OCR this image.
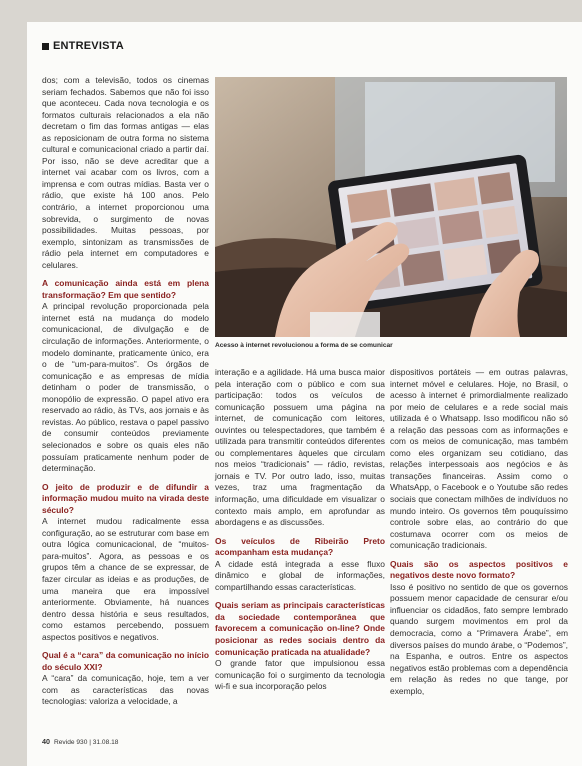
ENTREVISTA

dos; com a televisão, todos os cinemas seriam fechados. Sabemos que não foi isso que aconteceu. Cada nova tecnologia e os formatos culturais relacionados a ela não decretam o fim das formas antigas — elas as reposicionam de outra forma no sistema cultural e comunicacional criado a partir daí. Por isso, não se deve acreditar que a internet vai acabar com os livros, com a imprensa e com outras mídias. Basta ver o rádio, que existe há 100 anos. Pelo contrário, a internet proporcionou uma sobrevida, o surgimento de novas possibilidades. Muitas pessoas, por exemplo, sintonizam as transmissões de rádio pela internet em computadores e celulares.

A comunicação ainda está em plena transformação? Em que sentido?

A principal revolução proporcionada pela internet está na mudança do modelo comunicacional, de divulgação e de circulação de informações. Anteriormente, o modelo dominante, praticamente único, era o de “um-para-muitos”. Os órgãos de comunicação e as empresas de mídia detinham o poder de transmissão, o monopólio de expressão. O papel ativo era reservado ao rádio, às TVs, aos jornais e às revistas. Ao público, restava o papel passivo de consumir conteúdos previamente selecionados e sobre os quais eles não possuíam praticamente nenhum poder de determinação.

O jeito de produzir e de difundir a informação mudou muito na virada deste século?

A internet mudou radicalmente essa configuração, ao se estruturar com base em outra lógica comunicacional, de “muitos-para-muitos”. Agora, as pessoas e os grupos têm a chance de se expressar, de fazer circular as ideias e as produções, de uma maneira que era impossível anteriormente. Obviamente, há nuances dentro dessa história e seus resultados, como estamos percebendo, possuem aspectos positivos e negativos.

Qual é a “cara” da comunicação no início do século XXI?

A “cara” da comunicação, hoje, tem a ver com as características das novas tecnologias: valoriza a velocidade, a

Acesso à internet revolucionou a forma de se comunicar

interação e a agilidade. Há uma busca maior pela interação com o público e com sua participação: todos os veículos de comunicação possuem uma página na internet, de comunicação com leitores, ouvintes ou telespectadores, que também é utilizada para transmitir conteúdos diferentes ou complementares àqueles que circulam nos meios “tradicionais” — rádio, revistas, jornais e TV. Por outro lado, isso, muitas vezes, traz uma fragmentação da informação, uma dificuldade em visualizar o contexto mais amplo, em aprofundar as abordagens e as discussões.

Os veículos de Ribeirão Preto acompanham esta mudança?

A cidade está integrada a esse fluxo dinâmico e global de informações, compartilhando essas características.

Quais seriam as principais características da sociedade contemporânea que favorecem a comunicação on-line? Onde posicionar as redes sociais dentro da comunicação praticada na atualidade?

O grande fator que impulsionou essa comunicação foi o surgimento da tecnologia wi-fi e sua incorporação pelos

dispositivos portáteis — em outras palavras, internet móvel e celulares. Hoje, no Brasil, o acesso à internet é primordialmente realizado por meio de celulares e a rede social mais utilizada é o Whatsapp. Isso modificou não só a relação das pessoas com as informações e com os meios de comunicação, mas também como eles organizam seu cotidiano, das relações interpessoais aos negócios e às transações financeiras. Assim como o WhatsApp, o Facebook e o Youtube são redes sociais que conectam milhões de indivíduos no mundo inteiro. Os governos têm pouquíssimo controle sobre elas, ao contrário do que costumava ocorrer com os meios de comunicação tradicionais.

Quais são os aspectos positivos e negativos deste novo formato?

Isso é positivo no sentido de que os governos possuem menor capacidade de censurar e/ou influenciar os cidadãos, fato sempre lembrado quando surgem movimentos em prol da democracia, como a “Primavera Árabe”, em diversos países do mundo árabe, o “Podemos”, na Espanha, e outros. Entre os aspectos negativos estão problemas com a dependência em relação às redes no que tange, por exemplo,

40 Revide 930 | 31.08.18
